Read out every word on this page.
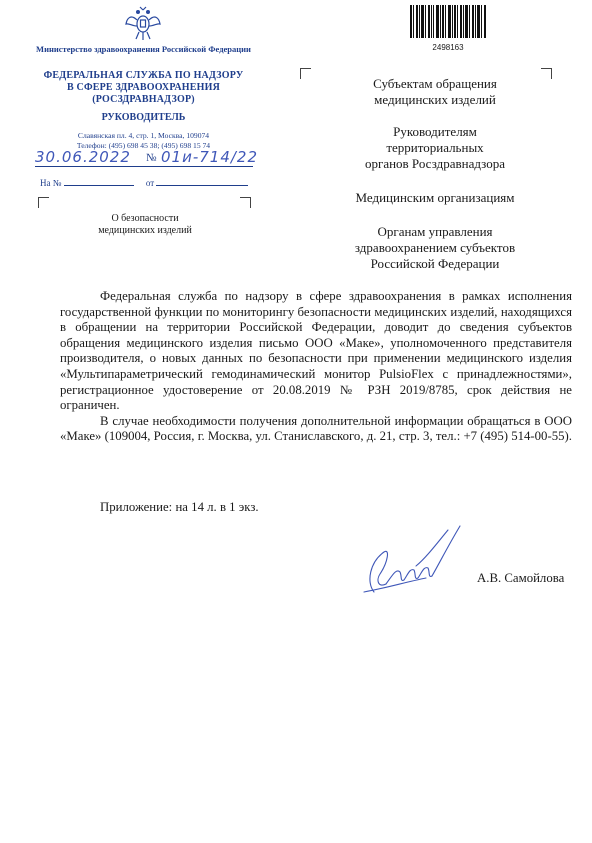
Министерство здравоохранения Российской Федерации
ФЕДЕРАЛЬНАЯ СЛУЖБА ПО НАДЗОРУ
В СФЕРЕ ЗДРАВООХРАНЕНИЯ
(РОСЗДРАВНАДЗОР)
РУКОВОДИТЕЛЬ
Славянская пл. 4, стр. 1, Москва, 109074
Телефон: (495) 698 45 38; (495) 698 15 74
30.06.2022 № 01и-714/22
На №	от
О безопасности
медицинских изделий
2498163
Субъектам обращения
медицинских изделий
Руководителям
территориальных
органов Росздравнадзора
Медицинским организациям
Органам управления
здравоохранением субъектов
Российской Федерации

Федеральная служба по надзору в сфере здравоохранения в рамках исполнения государственной функции по мониторингу безопасности медицинских изделий, находящихся в обращении на территории Российской Федерации, доводит до сведения субъектов обращения медицинского изделия письмо ООО «Маке», уполномоченного представителя производителя, о новых данных по безопасности при применении медицинского изделия «Мультипараметрический гемодинамический монитор PulsioFlex с принадлежностями», регистрационное удостоверение от 20.08.2019 № РЗН 2019/8785, срок действия не ограничен.

В случае необходимости получения дополнительной информации обращаться в ООО «Маке» (109004, Россия, г. Москва, ул. Станиславского, д. 21, стр. 3, тел.: +7 (495) 514-00-55).

Приложение: на 14 л. в 1 экз.
А.В. Самойлова
